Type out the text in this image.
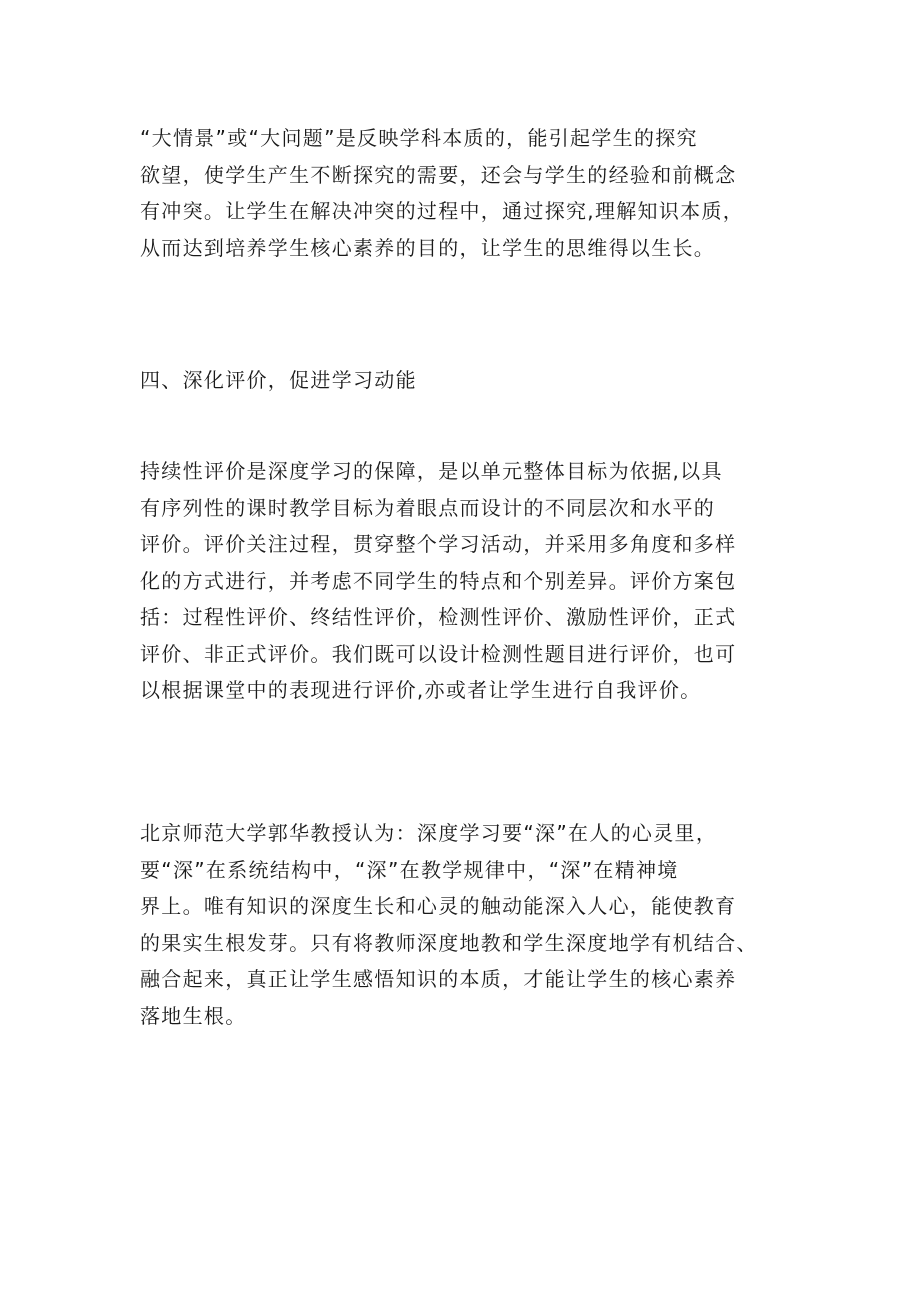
“大情景”或“大问题”是反映学科本质的，能引起学生的探究
欲望，使学生产生不断探究的需要，还会与学生的经验和前概念
有冲突。让学生在解决冲突的过程中，通过探究,理解知识本质，
从而达到培养学生核心素养的目的，让学生的思维得以生长。

四、深化评价，促进学习动能

持续性评价是深度学习的保障，是以单元整体目标为依据,以具
有序列性的课时教学目标为着眼点而设计的不同层次和水平的
评价。评价关注过程，贯穿整个学习活动，并采用多角度和多样
化的方式进行，并考虑不同学生的特点和个别差异。评价方案包
括：过程性评价、终结性评价，检测性评价、激励性评价，正式
评价、非正式评价。我们既可以设计检测性题目进行评价，也可
以根据课堂中的表现进行评价,亦或者让学生进行自我评价。

北京师范大学郭华教授认为：深度学习要“深”在人的心灵里，
要“深”在系统结构中，“深”在教学规律中，“深”在精神境
界上。唯有知识的深度生长和心灵的触动能深入人心，能使教育
的果实生根发芽。只有将教师深度地教和学生深度地学有机结合、
融合起来，真正让学生感悟知识的本质，才能让学生的核心素养
落地生根。
